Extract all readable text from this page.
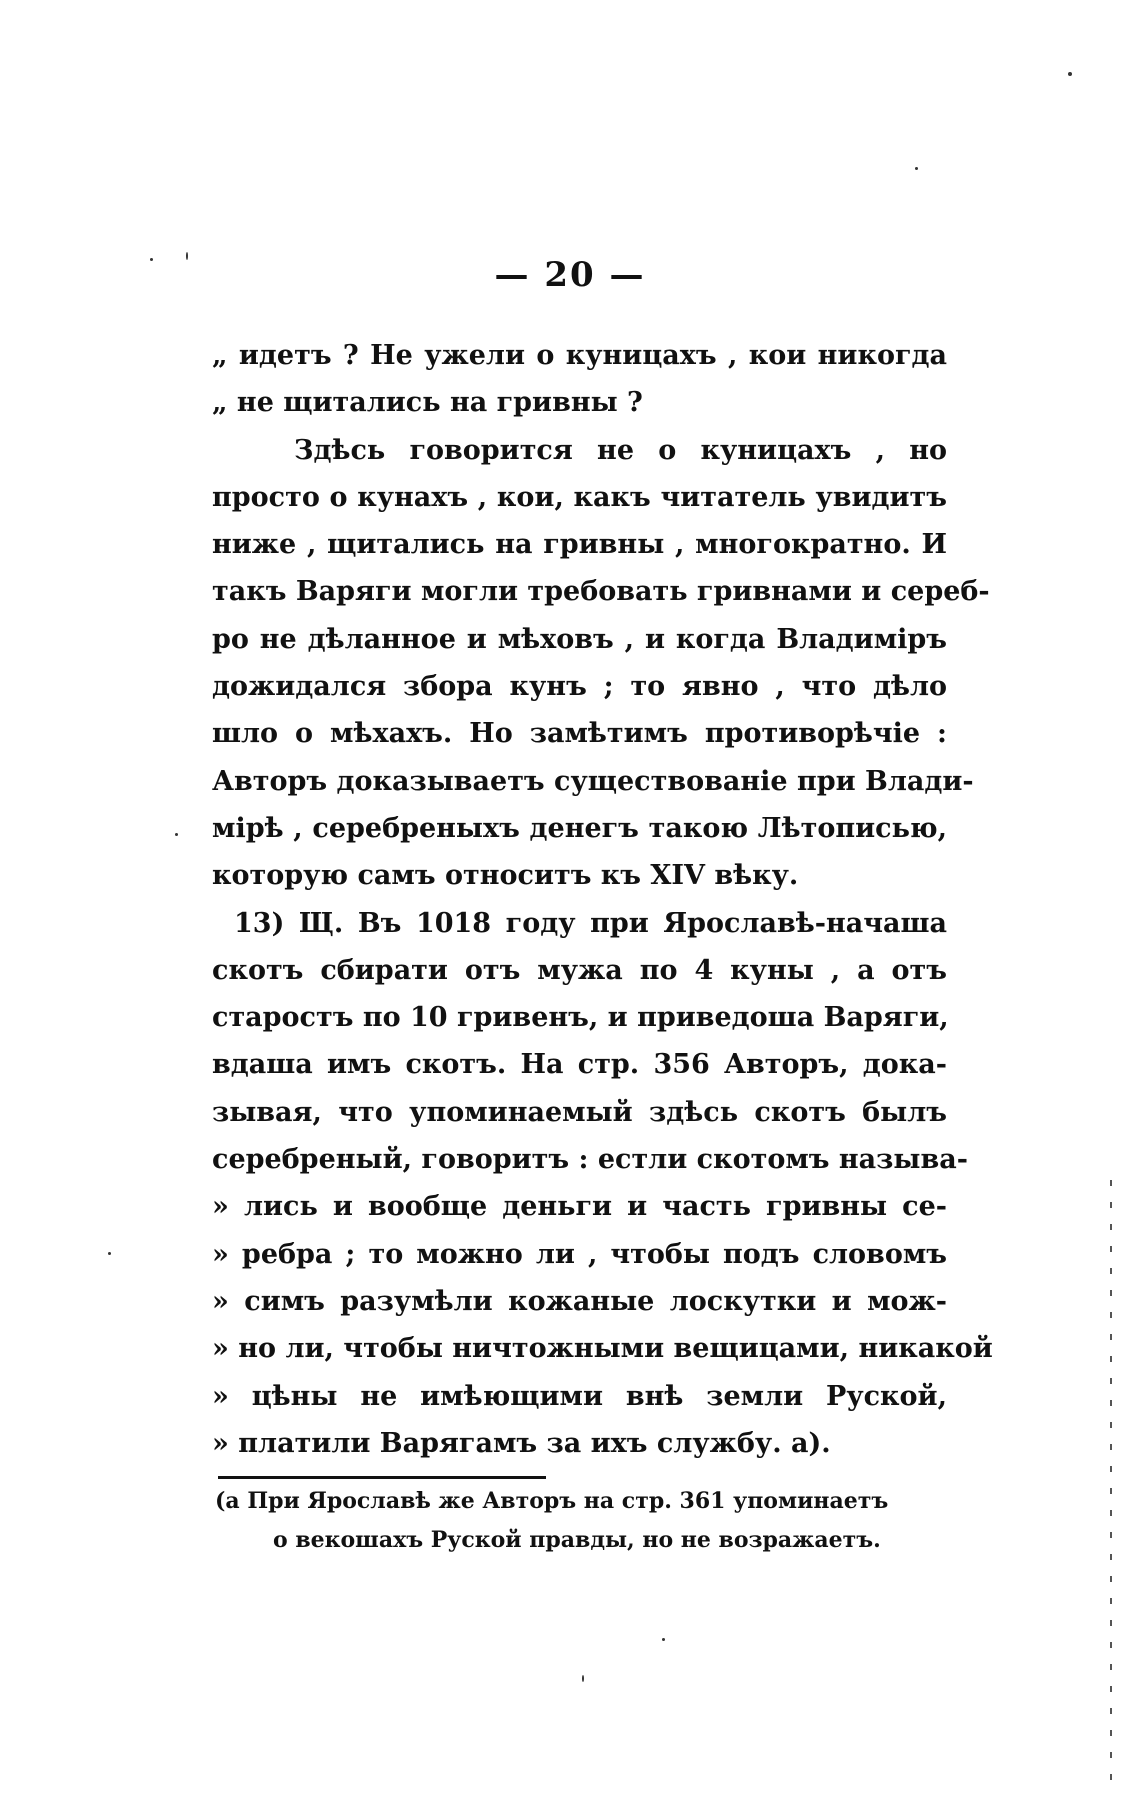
— 20 —
„ идетъ ? Не ужели о куницахъ , кои никогда
„ не щитались на гривны ?
Здѣсь говорится не о куницахъ , но
просто о кунахъ , кои, какъ читатель увидитъ
ниже , щитались на гривны , многократно. И
такъ Варяги могли требовать гривнами и сереб-
ро не дѣланное и мѣховъ , и когда Владимiръ
дожидался збора кунъ ; то явно , что дѣло
шло о мѣхахъ. Но замѣтимъ противорѣчiе :
Авторъ доказываетъ существованiе при Влади-
мiрѣ , серебреныхъ денегъ такою Лѣтописью,
которую самъ относитъ къ XIV вѣку.
13) Щ. Въ 1018 году при Ярославѣ-начаша
скотъ сбирати отъ мужа по 4 куны , а отъ
старостъ по 10 гривенъ, и приведоша Варяги,
вдаша имъ скотъ. На стр. 356 Авторъ, дока-
зывая, что упоминаемый здѣсь скотъ былъ
серебреный, говоритъ : естли скотомъ называ-
» лись и вообще деньги и часть гривны се-
» ребра ; то можно ли , чтобы подъ словомъ
» симъ разумѣли кожаные лоскутки и мож-
» но ли, чтобы ничтожными вещицами, никакой
» цѣны не имѣющими внѣ земли Руской,
» платили Варягамъ за ихъ службу. а).
(а При Ярославѣ же Авторъ на стр. 361 упоминаетъ
о векошахъ Руской правды, но не возражаетъ.
